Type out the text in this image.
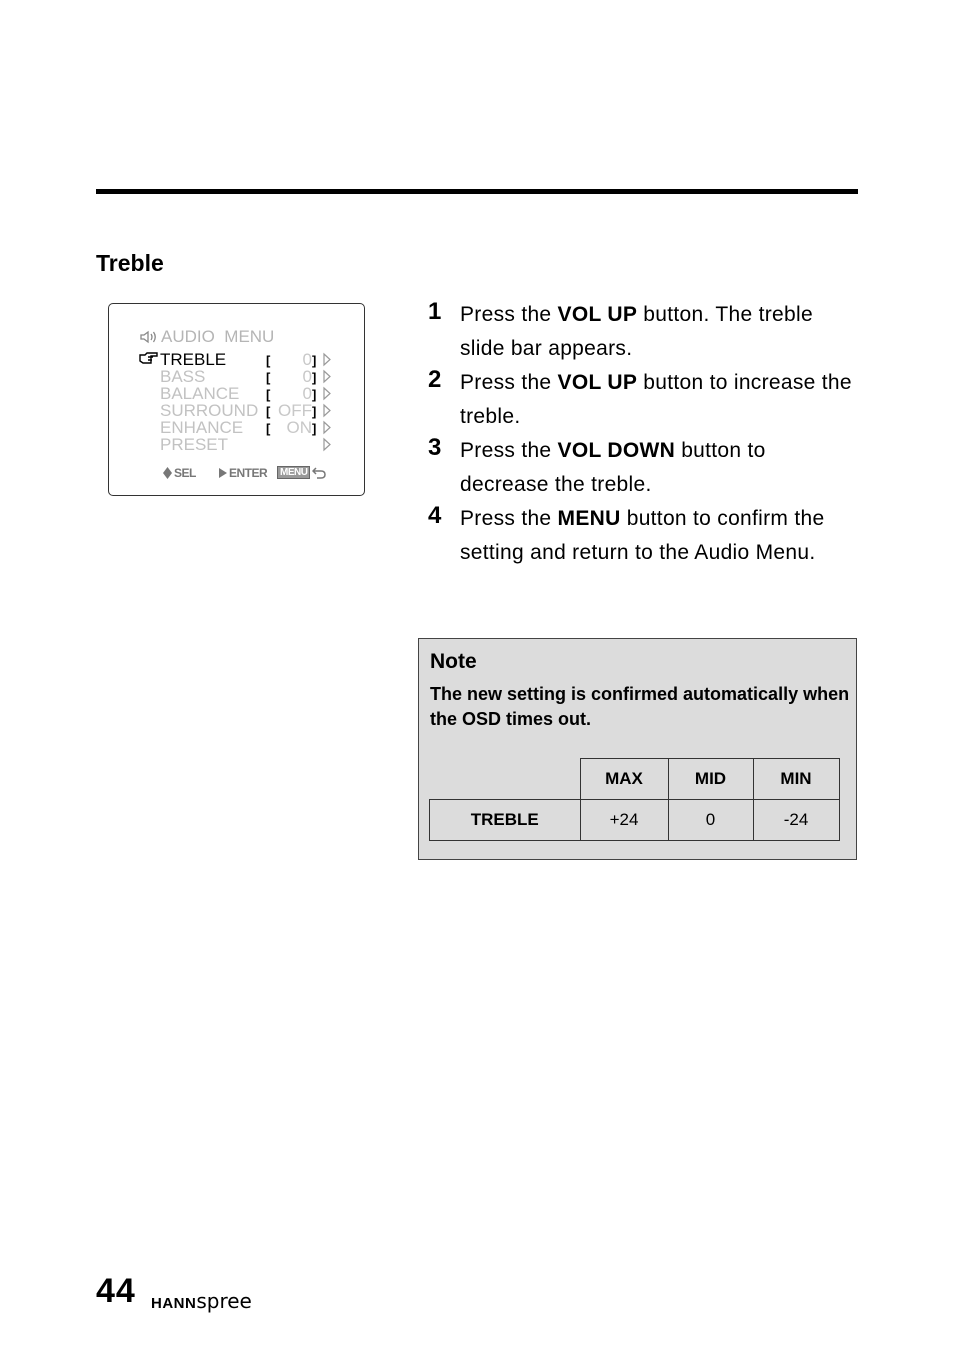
Treble
AUDIO  MENU
TREBLE	[ 0 ]
BASS	[ 0 ]
BALANCE [ 0 ]
SURROUND [ OFF ]
ENHANCE [ ON ]
PRESET
SEL	ENTER	MENU
1 Press the VOL UP button. The treble slide bar appears.
2 Press the VOL UP button to increase the treble.
3 Press the VOL DOWN button to decrease the treble.
4 Press the MENU button to confirm the setting and return to the Audio Menu.
Note
The new setting is confirmed automatically when the OSD times out.
	MAX	MID	MIN
TREBLE	+24	0	-24
44 HANNspree
